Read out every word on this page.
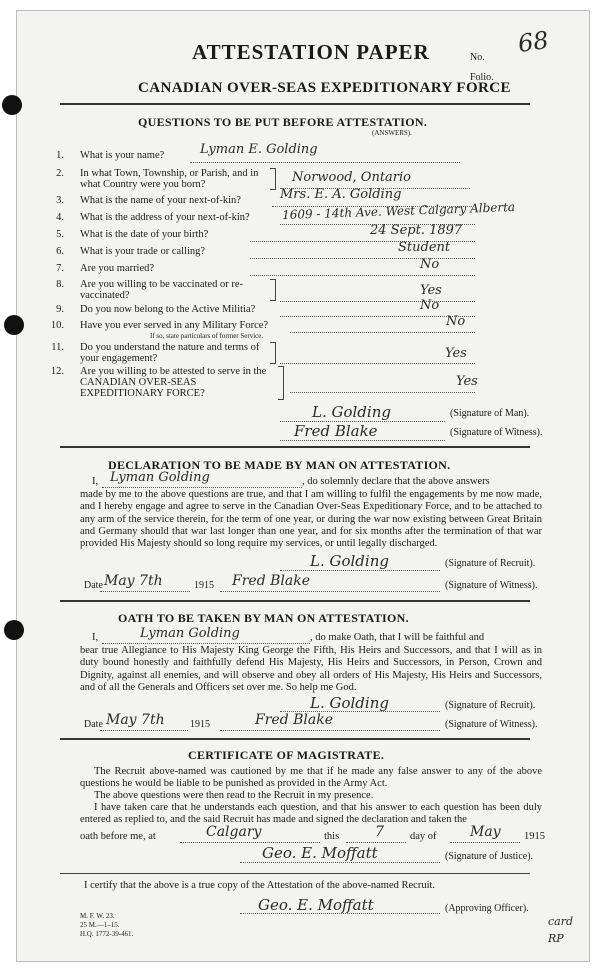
ATTESTATION PAPER	No. 68
Folio.
CANADIAN OVER-SEAS EXPEDITIONARY FORCE
QUESTIONS TO BE PUT BEFORE ATTESTATION.
(ANSWERS).
1. What is your name?	Lyman E. Golding
2. In what Town, Township, or Parish, and in what Country were you born?	Norwood, Ontario
3. What is the name of your next-of-kin?	Mrs. E. A. Golding
4. What is the address of your next-of-kin?	1609 - 14th Ave. West Calgary Alberta
5. What is the date of your birth?	24 Sept. 1897
6. What is your trade or calling?	Student
7. Are you married?	No
8. Are you willing to be vaccinated or re-vaccinated?	Yes
9. Do you now belong to the Active Militia?	No
10. Have you ever served in any Military Force?
If so, state particulars of former Service.
No
11. Do you understand the nature and terms of your engagement?	Yes
12. Are you willing to be attested to serve in the CANADIAN OVER-SEAS EXPEDITIONARY FORCE?
Yes
L. Golding	(Signature of Man).
Fred Blake	(Signature of Witness).
DECLARATION TO BE MADE BY MAN ON ATTESTATION.
I, Lyman Golding	, do solemnly declare that the above answers
made by me to the above questions are true, and that I am willing to fulfil the engagements by me now made, and I hereby engage and agree to serve in the Canadian Over-Seas Expeditionary Force, and to be attached to any arm of the service therein, for the term of one year, or during the war now existing between Great Britain and Germany should that war last longer than one year, and for six months after the termination of that war provided His Majesty should so long require my services, or until legally discharged.
L. Golding	(Signature of Recruit).
Date May 7th	1915 Fred Blake	(Signature of Witness).
OATH TO BE TAKEN BY MAN ON ATTESTATION.
I,	Lyman Golding	, do make Oath, that I will be faithful and
bear true Allegiance to His Majesty King George the Fifth, His Heirs and Successors, and that I will as in duty bound honestly and faithfully defend His Majesty, His Heirs and Successors, in Person, Crown and Dignity, against all enemies, and will observe and obey all orders of His Majesty, His Heirs and Successors, and of all the Generals and Officers set over me. So help me God.
L. Golding	(Signature of Recruit).
Date May 7th	1915	Fred Blake	(Signature of Witness).
CERTIFICATE OF MAGISTRATE.
The Recruit above-named was cautioned by me that if he made any false answer to any of the above questions he would be liable to be punished as provided in the Army Act.
The above questions were then read to the Recruit in my presence.
I have taken care that he understands each question, and that his answer to each question has been duly entered as replied to, and the said Recruit has made and signed the declaration and taken the
oath before me, at	Calgary	this	7 day of May 1915
Geo. E. Moffatt	(Signature of Justice).
I certify that the above is a true copy of the Attestation of the above-named Recruit.
Geo. E. Moffatt	(Approving Officer).
M. F. W. 23.
25 M.—1–15.
H.Q. 1772-39-461.
card
RP
